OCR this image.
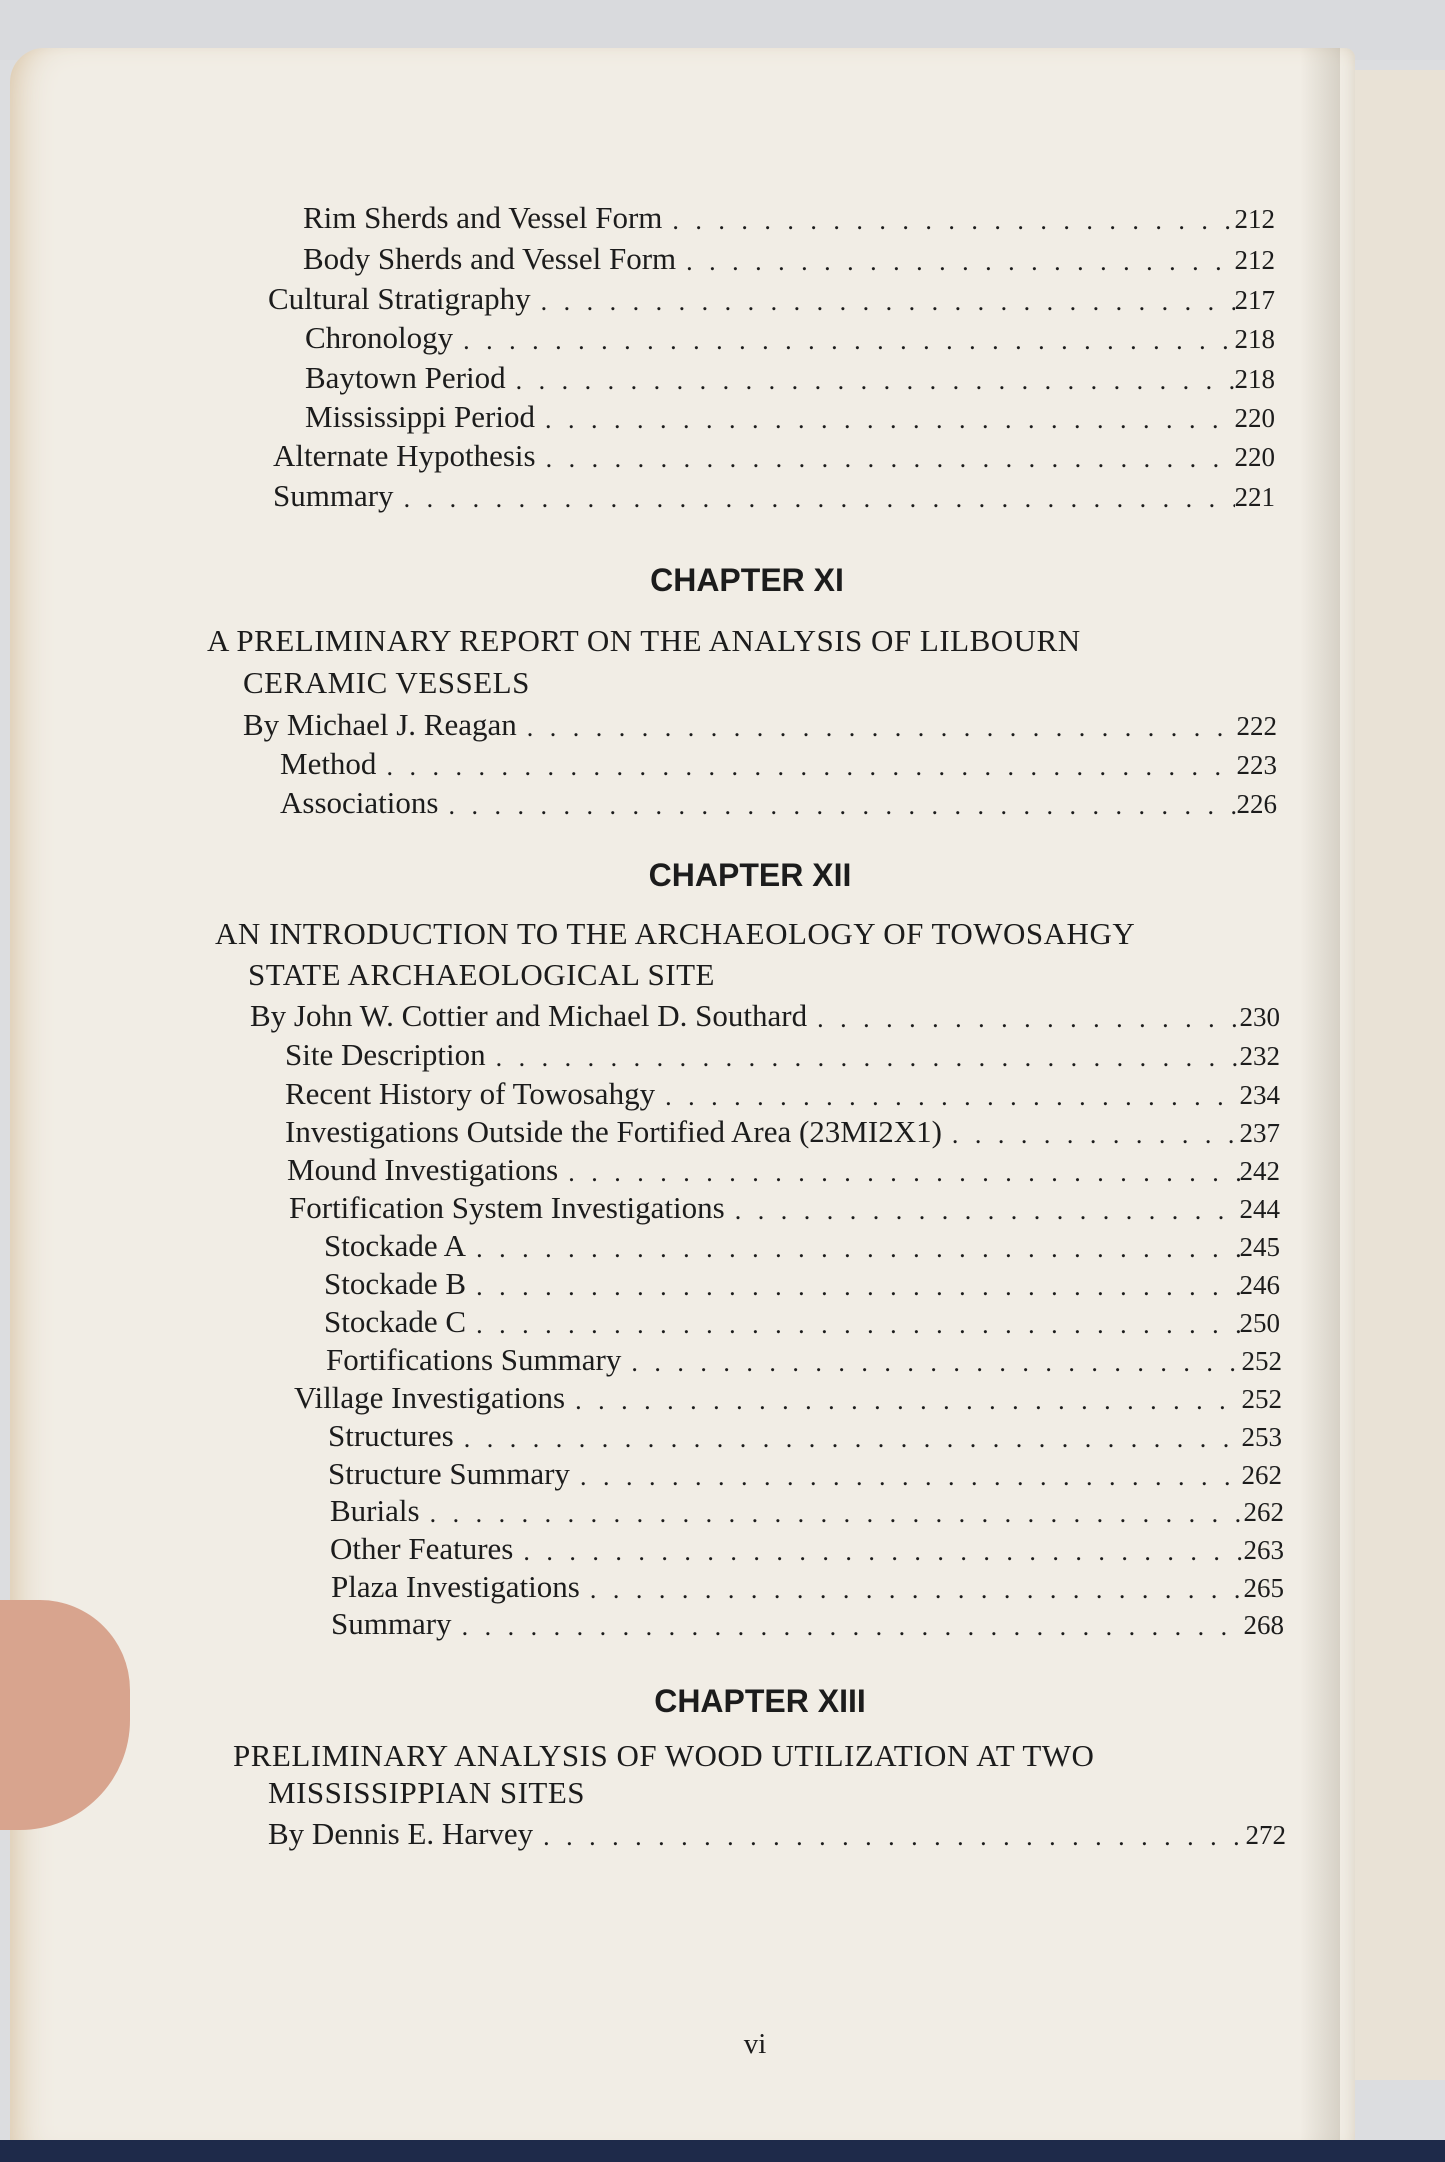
Rim Sherds and Vessel Form . . .	212
Body Sherds and Vessel Form . . .	212
Cultural Stratigraphy . . .	217
Chronology . . .	218
Baytown Period . . .	218
Mississippi Period . . .	220
Alternate Hypothesis . . .	220
Summary . . .	221
CHAPTER XI
A PRELIMINARY REPORT ON THE ANALYSIS OF LILBOURN
CERAMIC VESSELS
By Michael J. Reagan . . .	222
Method . . .	223
Associations . . .	226
CHAPTER XII
AN INTRODUCTION TO THE ARCHAEOLOGY OF TOWOSAHGY
STATE ARCHAEOLOGICAL SITE
By John W. Cottier and Michael D. Southard . . .	230
Site Description . . .	232
Recent History of Towosahgy . . .	234
Investigations Outside the Fortified Area (23MI2X1) . . .	237
Mound Investigations . . .	242
Fortification System Investigations . . .	244
Stockade A . . .	245
Stockade B . . .	246
Stockade C . . .	250
Fortifications Summary . . .	252
Village Investigations . . .	252
Structures . . .	253
Structure Summary . . .	262
Burials . . .	262
Other Features . . .	263
Plaza Investigations . . .	265
Summary . . .	268
CHAPTER XIII
PRELIMINARY ANALYSIS OF WOOD UTILIZATION AT TWO
MISSISSIPPIAN SITES
By Dennis E. Harvey . . .	272
vi
